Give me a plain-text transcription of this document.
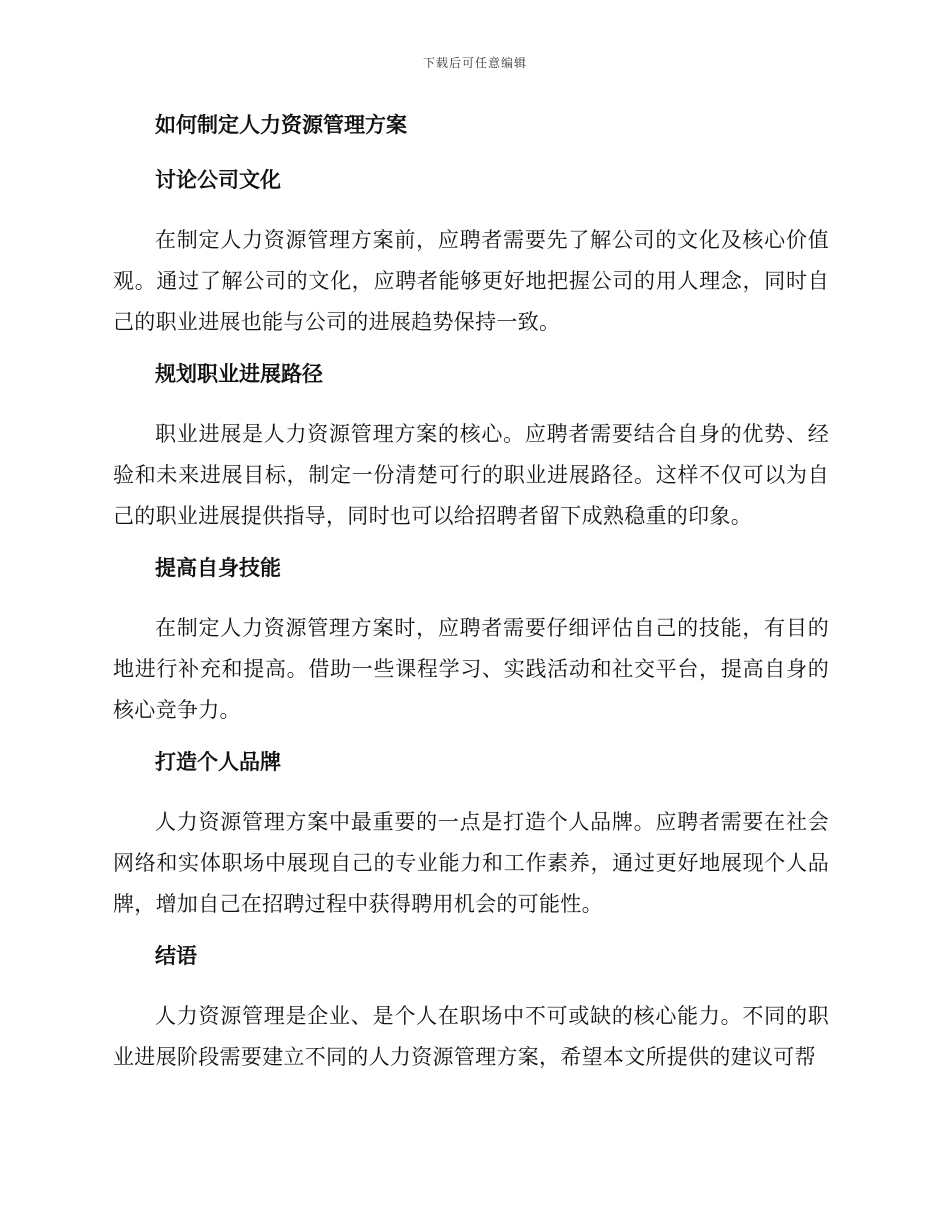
下载后可任意编辑
如何制定人力资源管理方案
讨论公司文化

在制定人力资源管理方案前，应聘者需要先了解公司的文化及核心价值观。通过了解公司的文化，应聘者能够更好地把握公司的用人理念，同时自己的职业进展也能与公司的进展趋势保持一致。

规划职业进展路径

职业进展是人力资源管理方案的核心。应聘者需要结合自身的优势、经验和未来进展目标，制定一份清楚可行的职业进展路径。这样不仅可以为自己的职业进展提供指导，同时也可以给招聘者留下成熟稳重的印象。

提高自身技能

在制定人力资源管理方案时，应聘者需要仔细评估自己的技能，有目的地进行补充和提高。借助一些课程学习、实践活动和社交平台，提高自身的核心竞争力。

打造个人品牌

人力资源管理方案中最重要的一点是打造个人品牌。应聘者需要在社会网络和实体职场中展现自己的专业能力和工作素养，通过更好地展现个人品牌，增加自己在招聘过程中获得聘用机会的可能性。

结语

人力资源管理是企业、是个人在职场中不可或缺的核心能力。不同的职业进展阶段需要建立不同的人力资源管理方案，希望本文所提供的建议可帮
